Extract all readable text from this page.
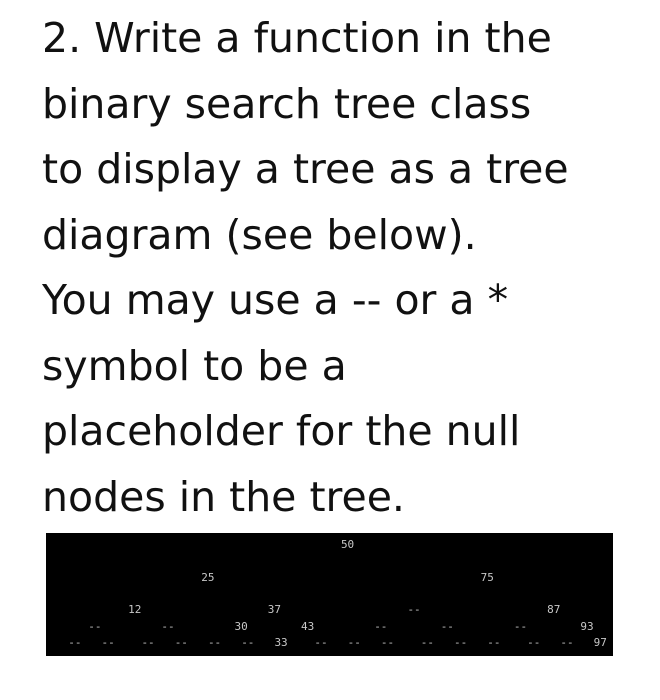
2. Write a function in the
binary search tree class
to display a tree as a tree
diagram (see below).
You may use a -- or a *
symbol to be a
placeholder for the null
nodes in the tree.
50
25	75
12	37	--	87
--	--	30	43	--	--	--	93
-- -- -- -- -- -- 33 -- -- -- -- -- -- -- -- 97
